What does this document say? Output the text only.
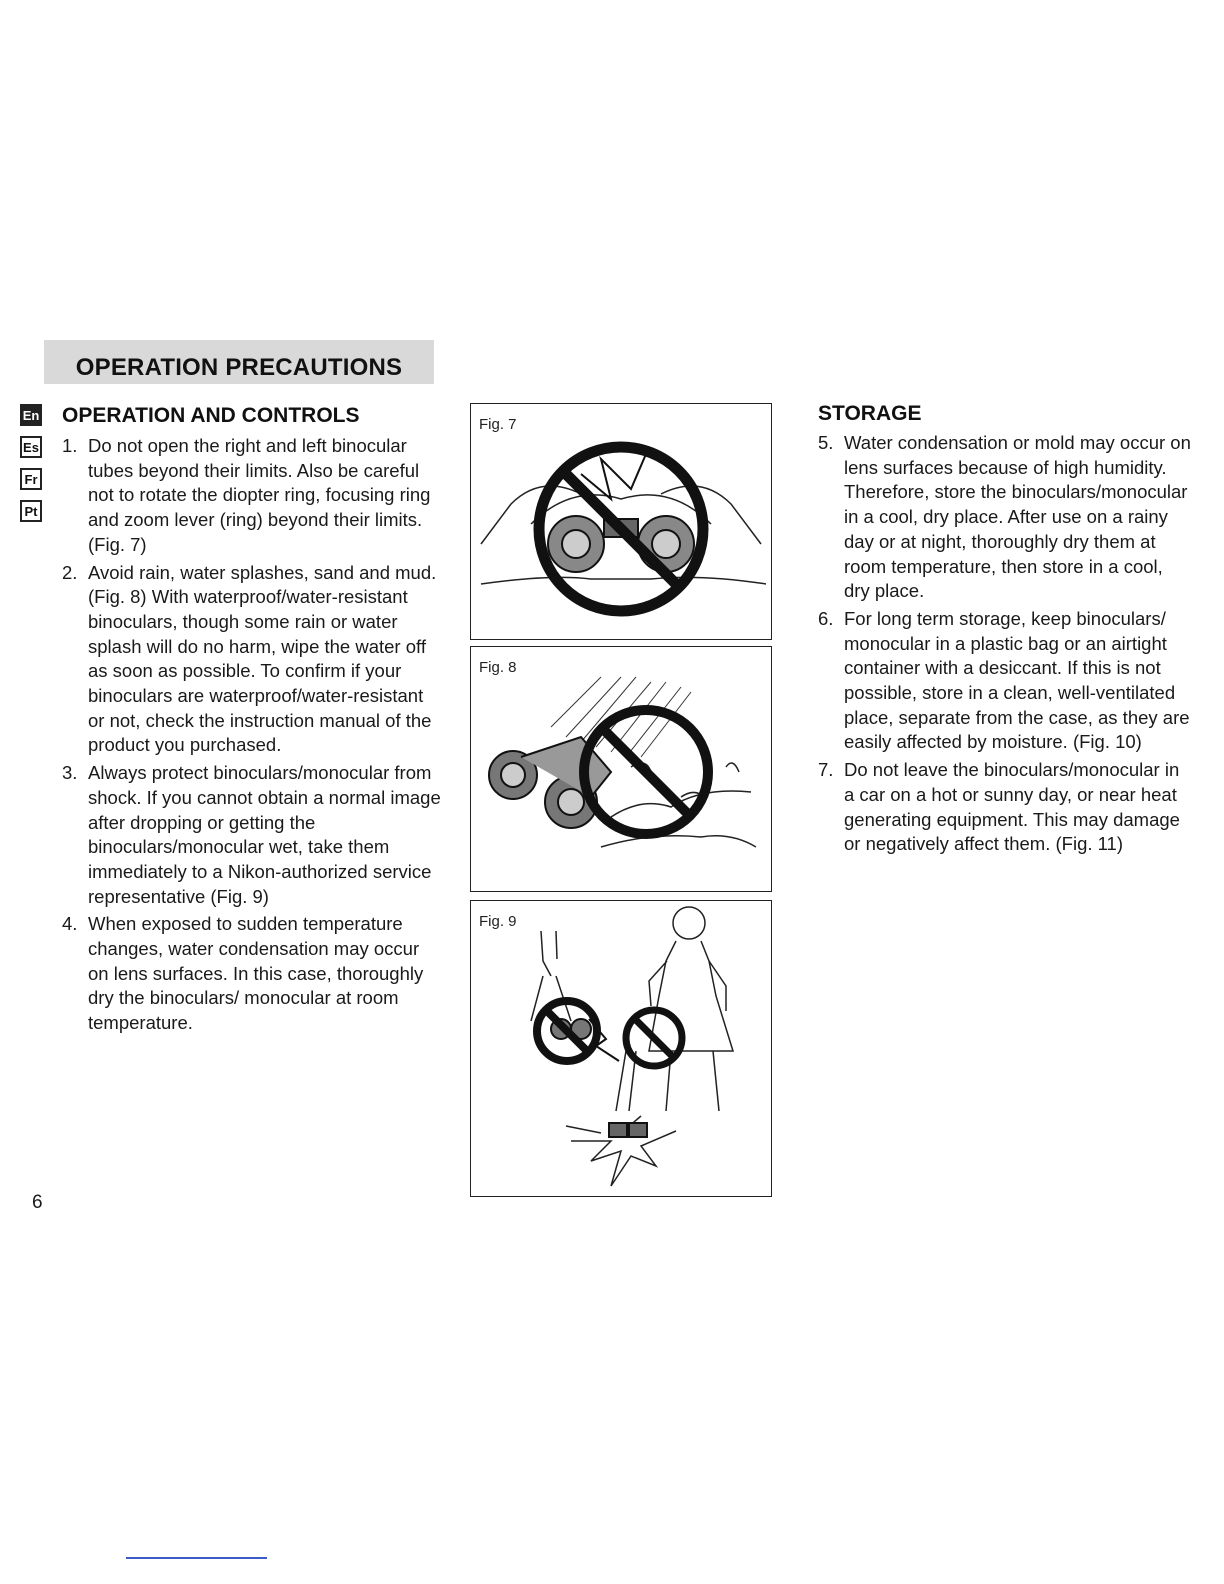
OPERATION PRECAUTIONS
En
Es
Fr
Pt
OPERATION AND CONTROLS
1. Do not open the right and left binocular tubes beyond their limits. Also be careful not to rotate the diopter ring, focusing ring and zoom lever (ring) beyond their limits. (Fig. 7)
2. Avoid rain, water splashes, sand and mud. (Fig. 8) With waterproof/water-resistant binoculars, though some rain or water splash will do no harm, wipe the water off as soon as possible. To confirm if your binoculars are waterproof/water-resistant or not, check the instruction manual of the product you purchased.
3. Always protect binoculars/monocular from shock. If you cannot obtain a normal image after dropping or getting the binoculars/monocular wet, take them immediately to a Nikon-authorized service representative (Fig. 9)
4. When exposed to sudden temperature changes, water condensation may occur on lens surfaces. In this case, thoroughly dry the binoculars/ monocular at room temperature.
Fig. 7
Fig. 8
Fig. 9
STORAGE
5. Water condensation or mold may occur on lens surfaces because of high humidity. Therefore, store the binoculars/monocular in a cool, dry place. After use on a rainy day or at night, thoroughly dry them at room temperature, then store in a cool, dry place.
6. For long term storage, keep binoculars/ monocular in a plastic bag or an airtight container with a desiccant. If this is not possible, store in a clean, well-ventilated place, separate from the case, as they are easily affected by moisture. (Fig. 10)
7. Do not leave the binoculars/monocular in a car on a hot or sunny day, or near heat generating equipment. This may damage or negatively affect them. (Fig. 11)
6
